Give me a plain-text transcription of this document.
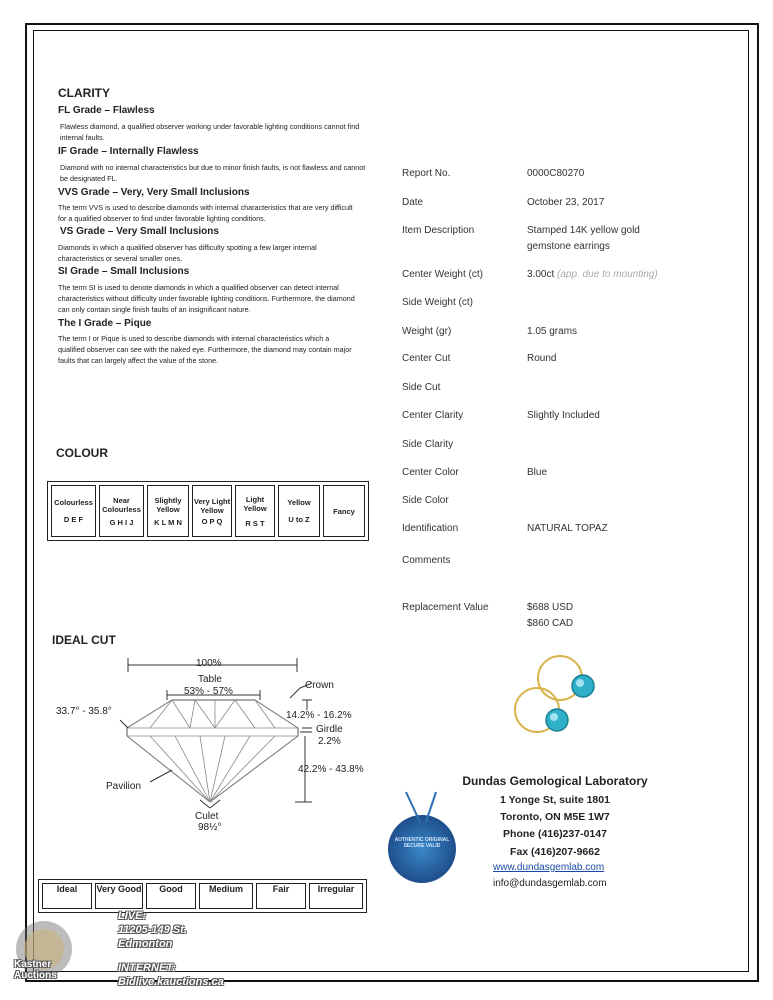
CLARITY
FL Grade – Flawless
Flawless diamond, a qualified observer working under favorable lighting conditions cannot find internal faults.
IF Grade – Internally Flawless
Diamond with no internal characteristics but due to minor finish faults, is not flawless and cannot be designated FL.
VVS Grade – Very, Very Small Inclusions
The term VVS is used to describe diamonds with internal characteristics that are very difficult for a qualified observer to find under favorable lighting conditions.
VS Grade – Very Small Inclusions
Diamonds in which a qualified observer has difficulty spotting a few larger internal characteristics or several smaller ones.
SI Grade – Small Inclusions
The term SI is used to denote diamonds in which a qualified observer can detect internal characteristics without difficulty under favorable lighting conditions. Furthermore, the diamond can only contain single finish faults of an insignificant nature.
The I Grade – Pique
The term I or Pique is used to describe diamonds with internal characteristics which a qualified observer can see with the naked eye. Furthermore, the diamond may contain major faults that can largely affect the value of the stone.
COLOUR
Colourless
D E F

Near Colourless
G H I J

Slightly Yellow
K L M N

Very Light Yellow
O P Q

Light Yellow
R S T

Yellow
U to Z

Fancy
IDEAL CUT
100%
Table
53% - 57%
Crown
33.7° - 35.8°	14.2% - 16.2%
Girdle
2.2%
Pavilion
42.2% - 43.8%
Culet
98½°
Ideal	Very Good	Good	Medium	Fair	Irregular
Report No.	0000C80270
Date	October 23, 2017
Item Description	Stamped 14K yellow gold
gemstone earrings
Center Weight (ct)	3.00ct (app. due to mounting)
Side Weight (ct)
Weight (gr)	1.05 grams
Center Cut	Round
Side Cut
Center Clarity	Slightly Included
Side Clarity
Center Color	Blue
Side Color
Identification	NATURAL TOPAZ
Comments
Replacement Value	$688 USD
$860 CAD
Dundas Gemological Laboratory
1 Yonge St, suite 1801
Toronto, ON M5E 1W7
Phone (416)237-0147
Fax (416)207-9662
www.dundasgemlab.com
info@dundasgemlab.com
AUTHENTIC ORIGINAL SECURE VALID
Kastner Auctions
LIVE:
11205-149 St.
Edmonton
INTERNET:
Bidlive.kauctions.ca
